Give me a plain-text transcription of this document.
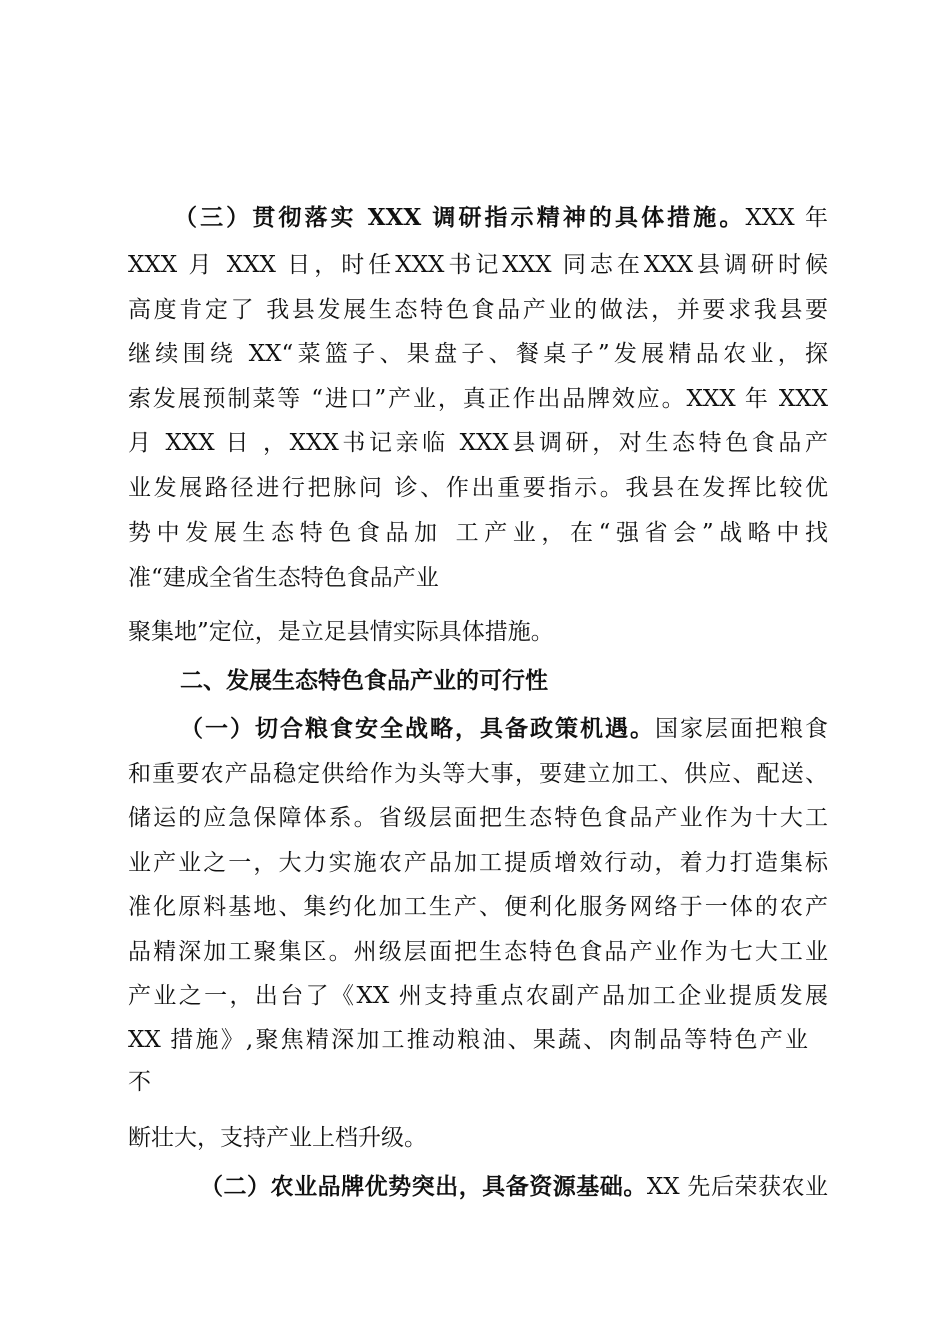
（三）贯彻落实 XXX 调研指示精神的具体措施。XXX 年
XXX 月 XXX 日，时任XXX书记XXX 同志在XXX县调研时候
高度肯定了 我县发展生态特色食品产业的做法，并要求我县要
继续围绕 XX“菜篮子、果盘子、餐桌子”发展精品农业，探
索发展预制菜等 “进口”产业，真正作出品牌效应。XXX 年 XXX
月 XXX 日 ，XXX书记亲临 XXX县调研，对生态特色食品产
业发展路径进行把脉问 诊、作出重要指示。我县在发挥比较优
势中发展生态特色食品加 工产业，在“强省会”战略中找
准“建成全省生态特色食品产业
聚集地”定位，是立足县情实际具体措施。
二、发展生态特色食品产业的可行性
（一）切合粮食安全战略，具备政策机遇。国家层面把粮食
和重要农产品稳定供给作为头等大事，要建立加工、供应、配送、
储运的应急保障体系。省级层面把生态特色食品产业作为十大工
业产业之一，大力实施农产品加工提质增效行动，着力打造集标
准化原料基地、集约化加工生产、便利化服务网络于一体的农产
品精深加工聚集区。州级层面把生态特色食品产业作为七大工业
产业之一，出台了《XX 州支持重点农副产品加工企业提质发展
XX 措施》,聚焦精深加工推动粮油、果蔬、肉制品等特色产业
不
断壮大，支持产业上档升级。
（二）农业品牌优势突出，具备资源基础。XX 先后荣获农业
